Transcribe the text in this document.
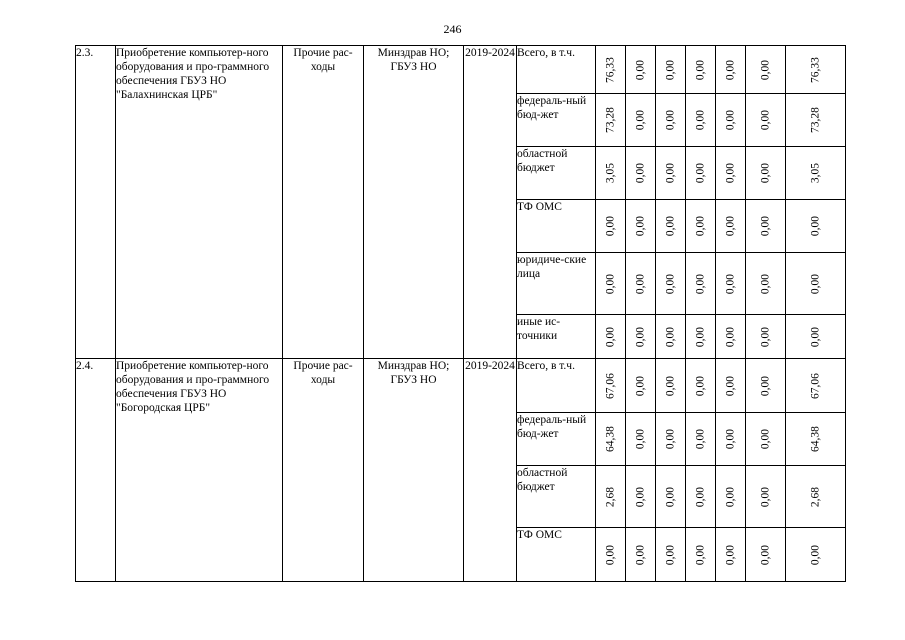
246
2.3.	Приобретение компьютер-ного оборудования и про-граммного обеспечения ГБУЗ НО "Балахнинская ЦРБ"	Прочие рас-ходы	Минздрав НО; ГБУЗ НО	2019-2024	Всего, в т.ч.	76,33	0,00	0,00	0,00	0,00	0,00	76,33

					федераль-ный бюд-жет	73,28	0,00	0,00	0,00	0,00	0,00	73,28

					областной бюджет	3,05	0,00	0,00	0,00	0,00	0,00	3,05

					ТФ ОМС	0,00	0,00	0,00	0,00	0,00	0,00	0,00

					юридиче-ские лица	0,00	0,00	0,00	0,00	0,00	0,00	0,00

					иные ис-точники	0,00	0,00	0,00	0,00	0,00	0,00	0,00

2.4.	Приобретение компьютер-ного оборудования и про-граммного обеспечения ГБУЗ НО "Богородская ЦРБ"	Прочие рас-ходы	Минздрав НО; ГБУЗ НО	2019-2024	Всего, в т.ч.	67,06	0,00	0,00	0,00	0,00	0,00	67,06

					федераль-ный бюд-жет	64,38	0,00	0,00	0,00	0,00	0,00	64,38

					областной бюджет	2,68	0,00	0,00	0,00	0,00	0,00	2,68

					ТФ ОМС	0,00	0,00	0,00	0,00	0,00	0,00	0,00
